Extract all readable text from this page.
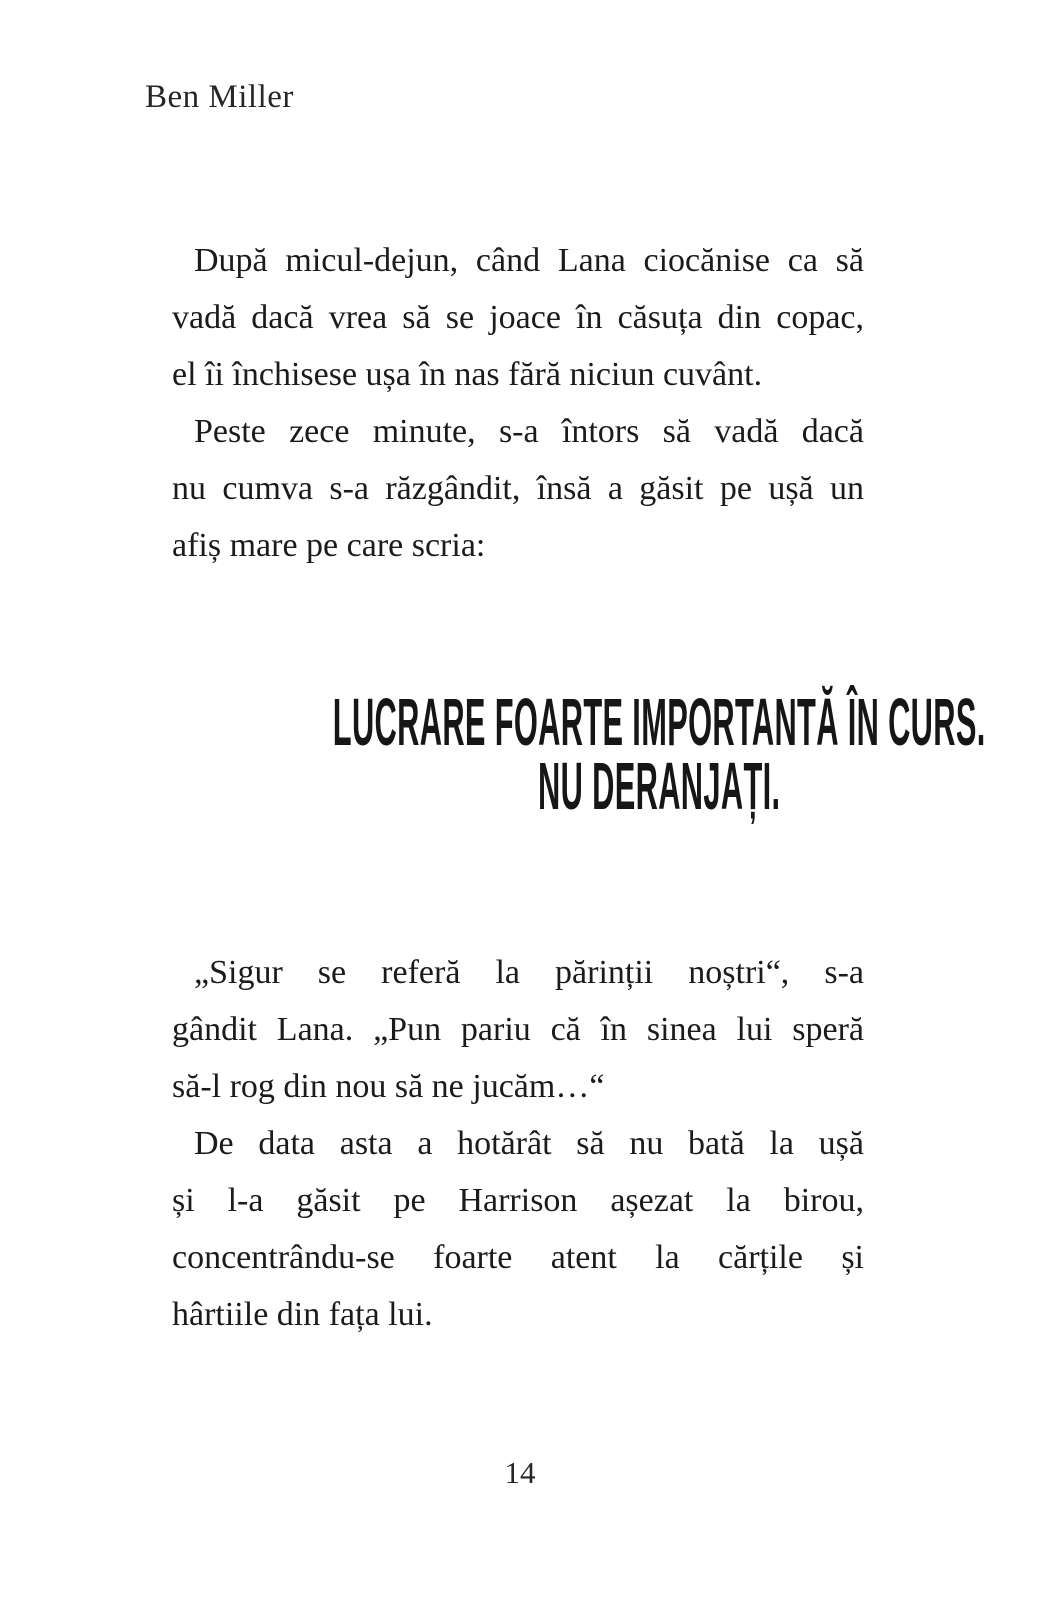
Ben Miller
După micul-dejun, când Lana ciocănise ca să
vadă dacă vrea să se joace în căsuța din copac,
el îi închisese ușa în nas fără niciun cuvânt.
Peste zece minute, s-a întors să vadă dacă
nu cumva s-a răzgândit, însă a găsit pe ușă un
afiș mare pe care scria:
LUCRARE FOARTE IMPORTANTĂ ÎN CURS.
NU DERANJAȚI.
„Sigur se referă la părinții noștri“, s-a
gândit Lana. „Pun pariu că în sinea lui speră
să-l rog din nou să ne jucăm…“
De data asta a hotărât să nu bată la ușă
și l-a găsit pe Harrison așezat la birou,
concentrându-se foarte atent la cărțile și
hârtiile din fața lui.
14
